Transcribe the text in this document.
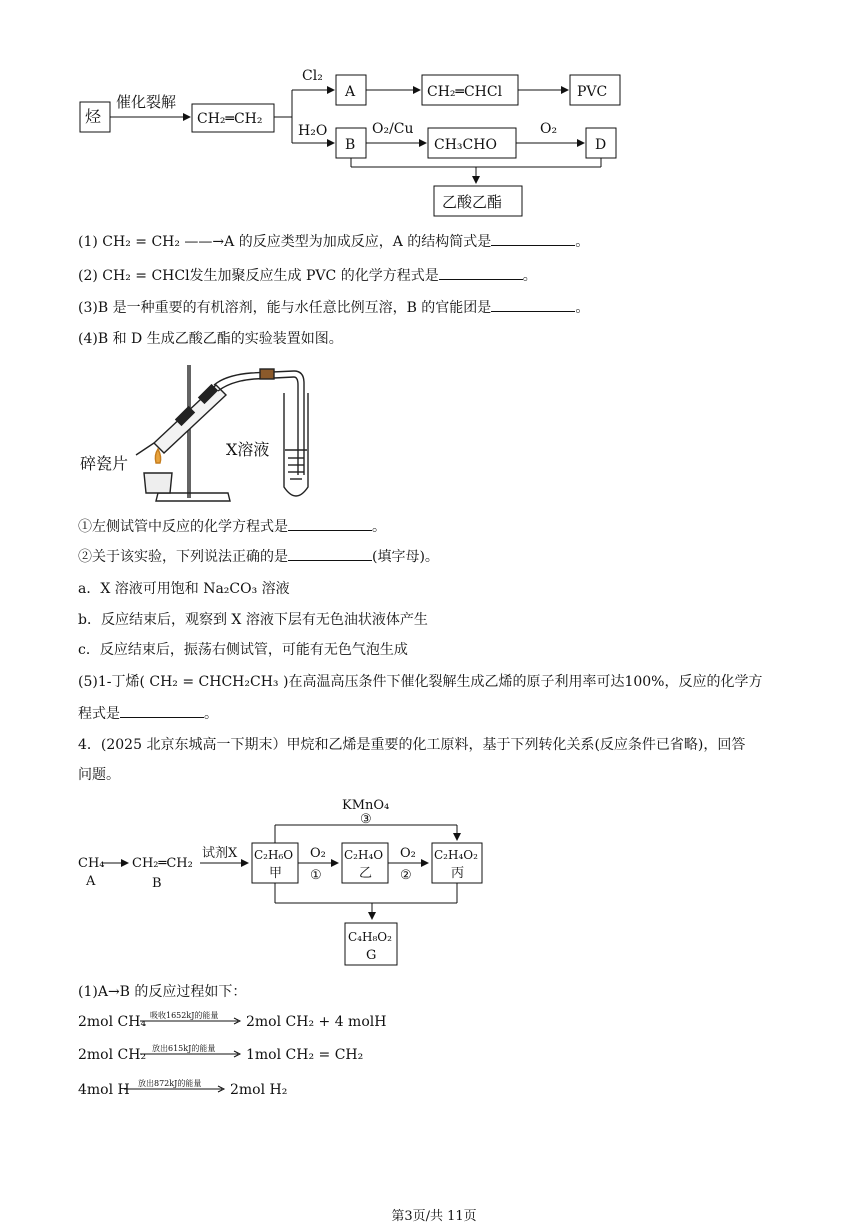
烃
催化裂解
CH₂═CH₂
Cl₂
A	CH₂═CHCl	PVC
H₂O
B
O₂/Cu
CH₃CHO
O₂
D
乙酸乙酯
(1) CH₂ = CH₂ ——→A 的反应类型为加成反应，A 的结构简式是	。
(2) CH₂ = CHCl发生加聚反应生成 PVC 的化学方程式是	。
(3)B 是一种重要的有机溶剂，能与水任意比例互溶，B 的官能团是	。
(4)B 和 D 生成乙酸乙酯的实验装置如图。
碎瓷片
X溶液
①左侧试管中反应的化学方程式是	。
②关于该实验，下列说法正确的是	(填字母)。
a．X 溶液可用饱和 Na₂CO₃ 溶液
b．反应结束后，观察到 X 溶液下层有无色油状液体产生
c．反应结束后，振荡右侧试管，可能有无色气泡生成
(5)1-丁烯( CH₂ = CHCH₂CH₃ )在高温高压条件下催化裂解生成乙烯的原子利用率可达100%，反应的化学方
程式是	。
4．(2025 北京东城高一下期末）甲烷和乙烯是重要的化工原料，基于下列转化关系(反应条件已省略)，回答
问题。
CH₄
A
CH₂═CH₂
B
试剂X C₂H₆O
甲
O₂
①
C₂H₄O
乙
O₂
②
C₂H₄O₂
丙
KMnO₄
③
C₄H₈O₂
G
(1)A→B 的反应过程如下：
2mol CH₄ 吸收1652kJ的能量 2mol CH₂ + 4 molH
2mol CH₂ 放出615kJ的能量 1mol CH₂ = CH₂
4mol H 放出872kJ的能量 2mol H₂
第3页/共 11页
